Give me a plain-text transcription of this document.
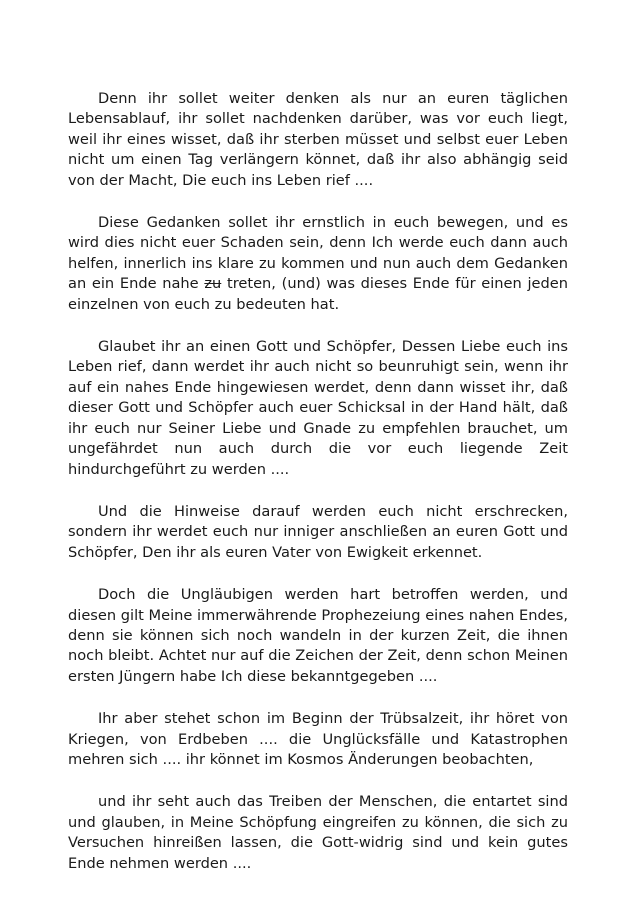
Denn ihr sollet weiter denken als nur an euren täglichen Lebensablauf, ihr sollet nachdenken darüber, was vor euch liegt, weil ihr eines wisset, daß ihr sterben müsset und selbst euer Leben nicht um einen Tag verlängern könnet, daß ihr also abhängig seid von der Macht, Die euch ins Leben rief ....

Diese Gedanken sollet ihr ernstlich in euch bewegen, und es wird dies nicht euer Schaden sein, denn Ich werde euch dann auch helfen, innerlich ins klare zu kommen und nun auch dem Gedanken an ein Ende nahe zu treten, (und) was dieses Ende für einen jeden einzelnen von euch zu bedeuten hat.

Glaubet ihr an einen Gott und Schöpfer, Dessen Liebe euch ins Leben rief, dann werdet ihr auch nicht so beunruhigt sein, wenn ihr auf ein nahes Ende hingewiesen werdet, denn dann wisset ihr, daß dieser Gott und Schöpfer auch euer Schicksal in der Hand hält, daß ihr euch nur Seiner Liebe und Gnade zu empfehlen brauchet, um ungefährdet nun auch durch die vor euch liegende Zeit hindurchgeführt zu werden ....

Und die Hinweise darauf werden euch nicht erschrecken, sondern ihr werdet euch nur inniger anschließen an euren Gott und Schöpfer, Den ihr als euren Vater von Ewigkeit erkennet.

Doch die Ungläubigen werden hart betroffen werden, und diesen gilt Meine immerwährende Prophezeiung eines nahen Endes, denn sie können sich noch wandeln in der kurzen Zeit, die ihnen noch bleibt. Achtet nur auf die Zeichen der Zeit, denn schon Meinen ersten Jüngern habe Ich diese bekanntgegeben ....

Ihr aber stehet schon im Beginn der Trübsalzeit, ihr höret von Kriegen, von Erdbeben .... die Unglücksfälle und Katastrophen mehren sich .... ihr könnet im Kosmos Änderungen beobachten,

und ihr seht auch das Treiben der Menschen, die entartet sind und glauben, in Meine Schöpfung eingreifen zu können, die sich zu Versuchen hinreißen lassen, die Gott-widrig sind und kein gutes Ende nehmen werden ....
